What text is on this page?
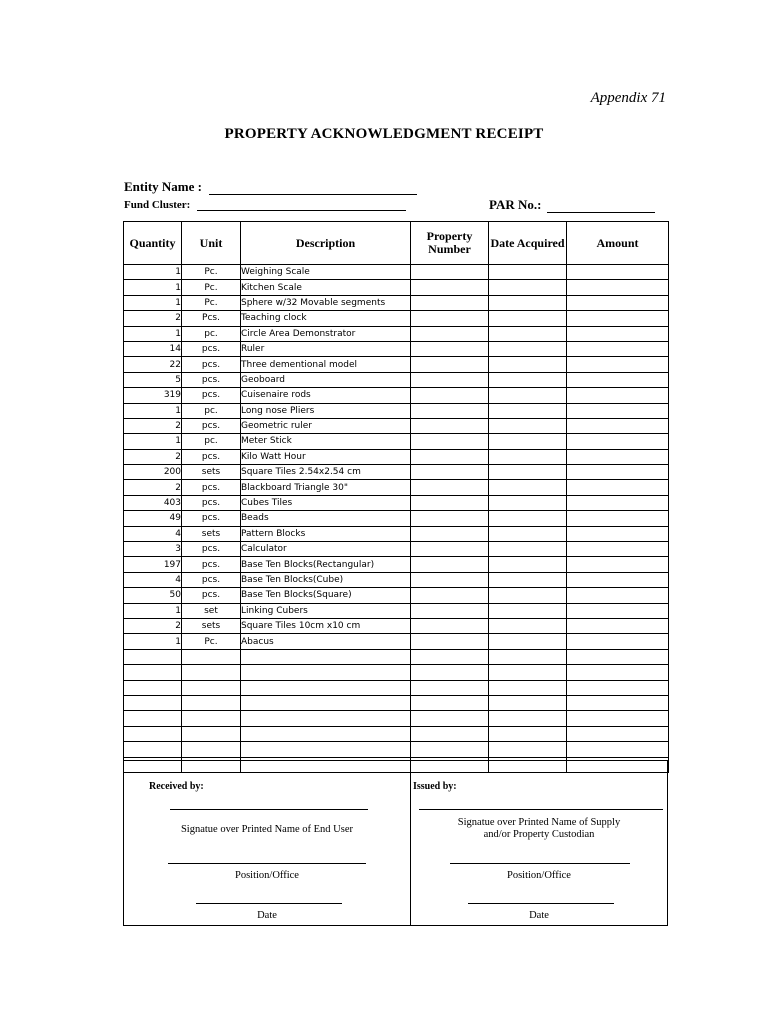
Appendix 71
PROPERTY ACKNOWLEDGMENT RECEIPT
Entity Name :
Fund Cluster:	PAR No.:
Quantity	Unit	Description	Property Number	Date Acquired	Amount
1	Pc.	Weighing Scale			
1	Pc.	Kitchen Scale			
1	Pc.	Sphere w/32 Movable segments			
2	Pcs.	Teaching clock			
1	pc.	Circle Area Demonstrator			
14	pcs.	Ruler			
22	pcs.	Three dementional model			
5	pcs.	Geoboard			
319	pcs.	Cuisenaire rods			
1	pc.	Long nose Pliers			
2	pcs.	Geometric ruler			
1	pc.	Meter Stick			
2	pcs.	Kilo Watt Hour			
200	sets	Square Tiles 2.54x2.54 cm			
2	pcs.	Blackboard Triangle 30"			
403	pcs.	Cubes Tiles			
49	pcs.	Beads			
4	sets	Pattern Blocks			
3	pcs.	Calculator			
197	pcs.	Base Ten Blocks(Rectangular)			
4	pcs.	Base Ten Blocks(Cube)			
50	pcs.	Base Ten Blocks(Square)			
1	set	Linking Cubers			
2	sets	Square Tiles 10cm x10 cm			
1	Pc.	Abacus			

Received by:
Signatue over Printed Name of End User
Position/Office
Date
Issued by:
Signatue over Printed Name of Supply and/or Property Custodian
Position/Office
Date
